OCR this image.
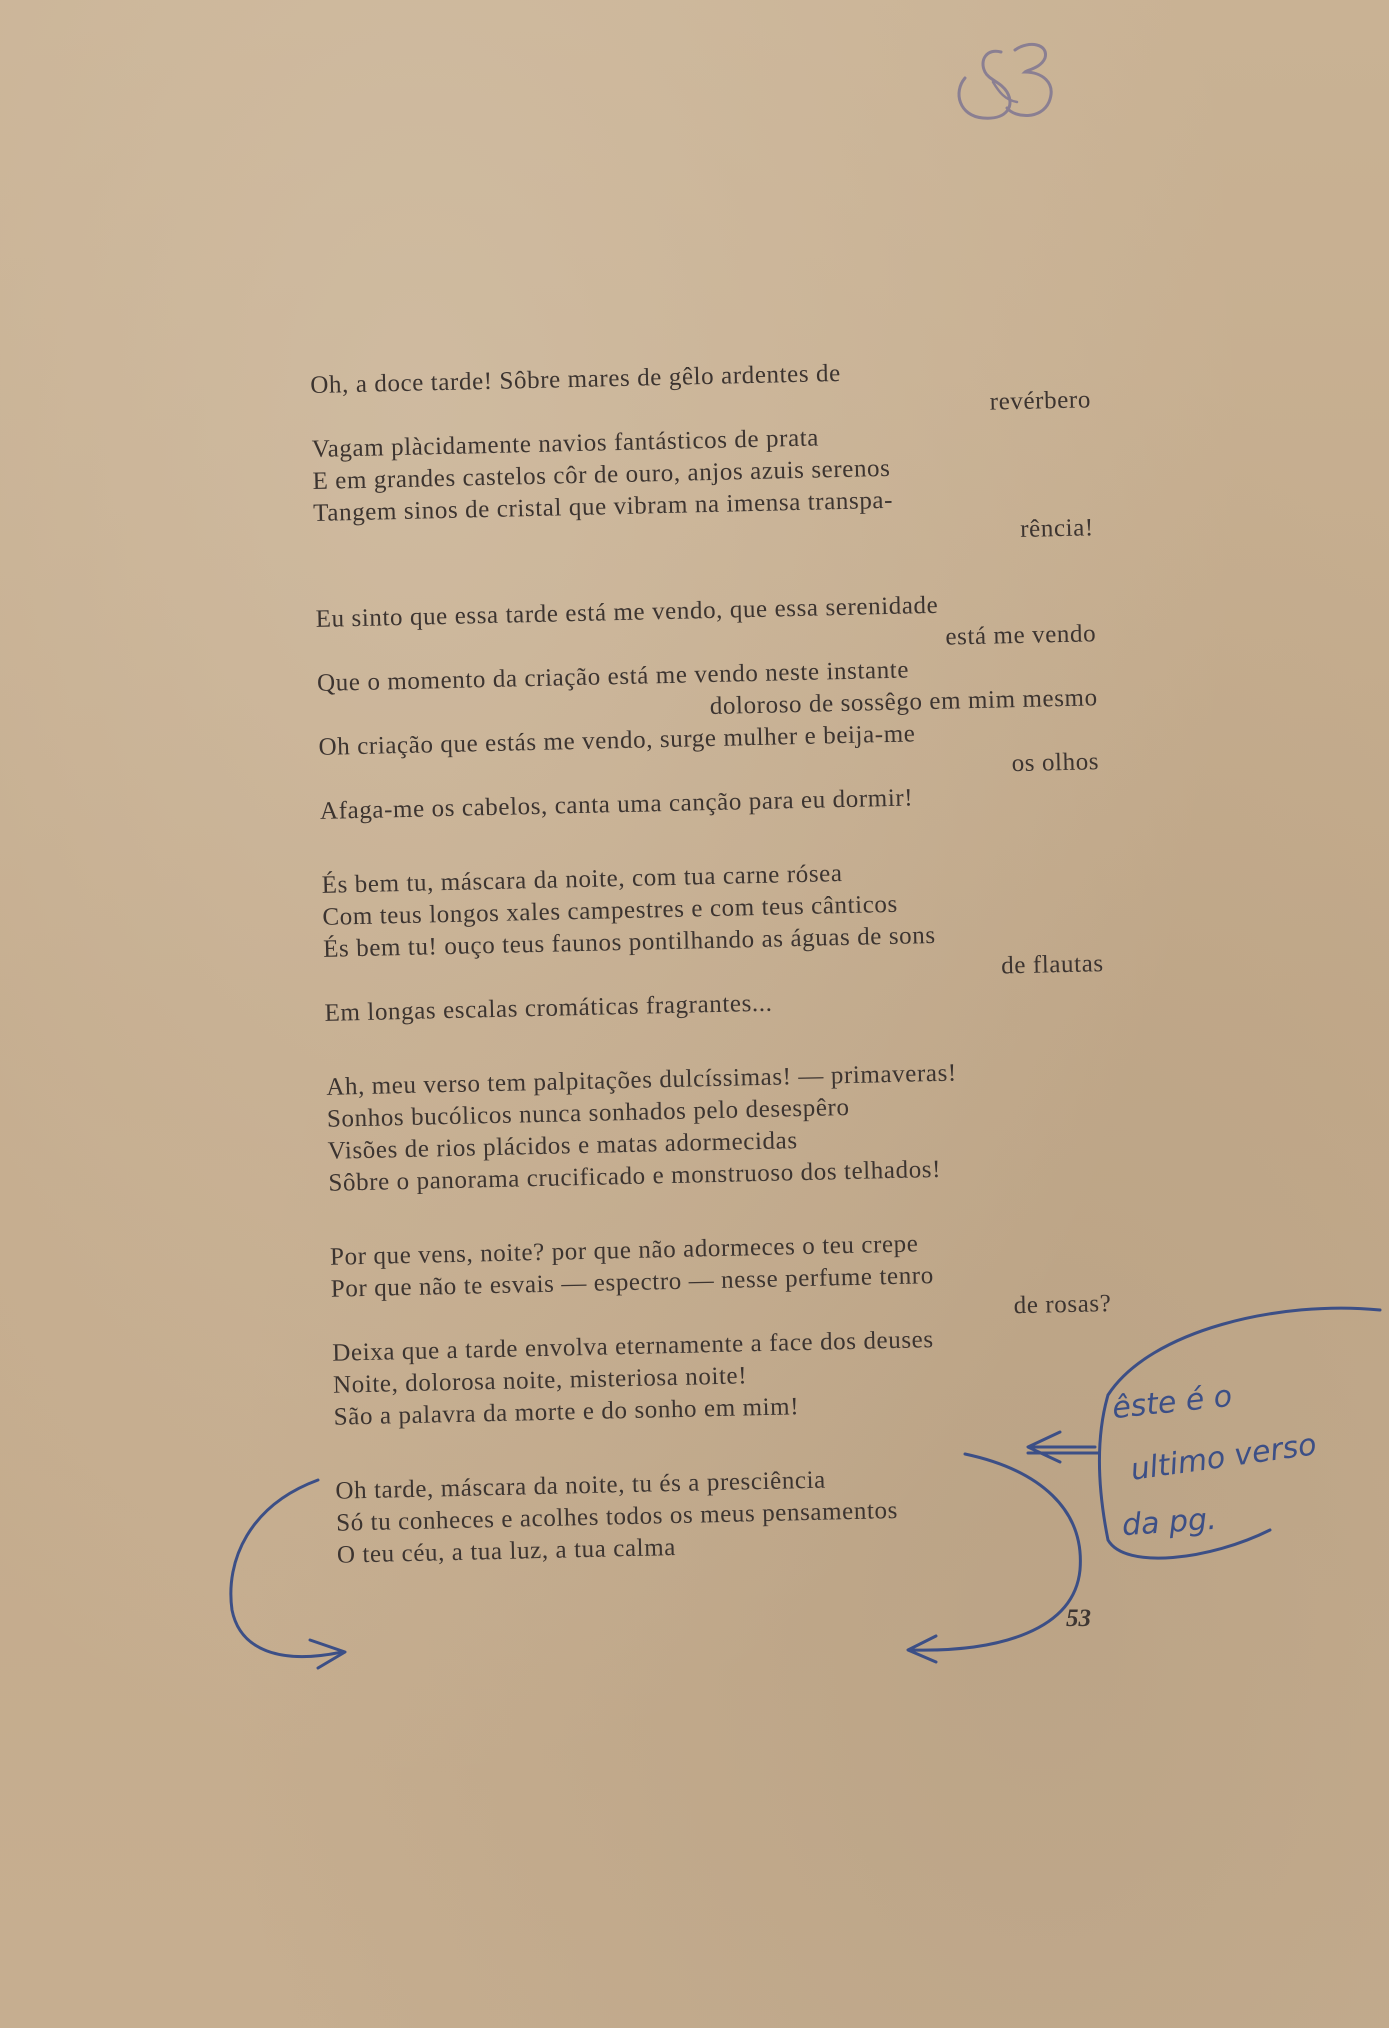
Oh, a doce tarde! Sôbre mares de gêlo ardentes de
revérbero
Vagam plàcidamente navios fantásticos de prata
E em grandes castelos côr de ouro, anjos azuis serenos
Tangem sinos de cristal que vibram na imensa transpa-
rência!
Eu sinto que essa tarde está me vendo, que essa serenidade
está me vendo
Que o momento da criação está me vendo neste instante
doloroso de sossêgo em mim mesmo
Oh criação que estás me vendo, surge mulher e beija-me
os olhos
Afaga-me os cabelos, canta uma canção para eu dormir!
És bem tu, máscara da noite, com tua carne rósea
Com teus longos xales campestres e com teus cânticos
És bem tu! ouço teus faunos pontilhando as águas de sons
de flautas
Em longas escalas cromáticas fragrantes...
Ah, meu verso tem palpitações dulcíssimas! — primaveras!
Sonhos bucólicos nunca sonhados pelo desespêro
Visões de rios plácidos e matas adormecidas
Sôbre o panorama crucificado e monstruoso dos telhados!
Por que vens, noite? por que não adormeces o teu crepe
Por que não te esvais — espectro — nesse perfume tenro
de rosas?
Deixa que a tarde envolva eternamente a face dos deuses
Noite, dolorosa noite, misteriosa noite!
São a palavra da morte e do sonho em mim!
Oh tarde, máscara da noite, tu és a presciência
Só tu conheces e acolhes todos os meus pensamentos
O teu céu, a tua luz, a tua calma
53
êste é o
ultimo verso
da pg.
